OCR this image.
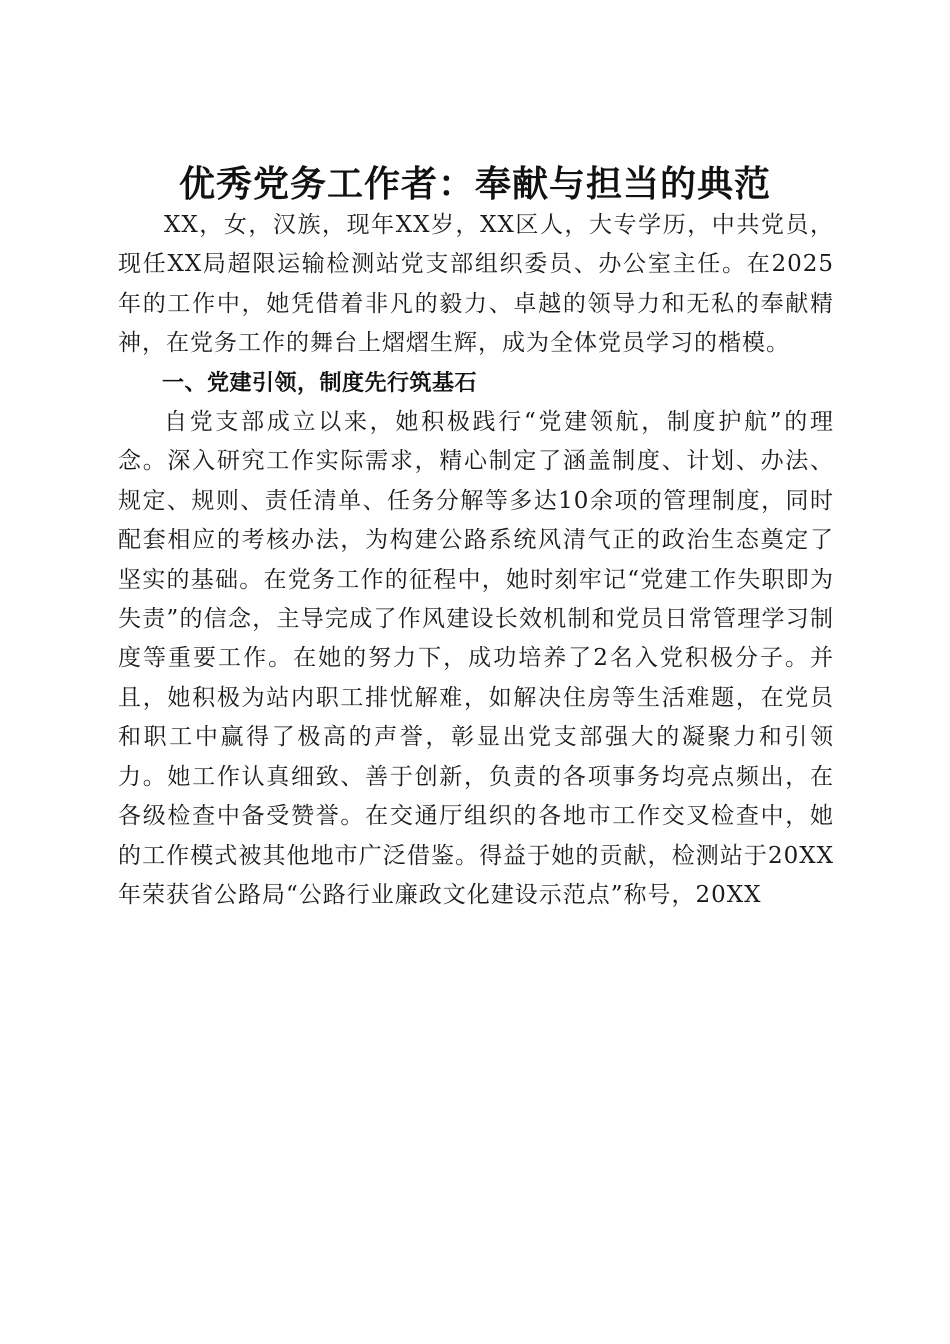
优秀党务工作者：奉献与担当的典范

XX，女，汉族，现年XX岁，XX区人，大专学历，中共党员，现任XX局超限运输检测站党支部组织委员、办公室主任。在2025年的工作中，她凭借着非凡的毅力、卓越的领导力和无私的奉献精神，在党务工作的舞台上熠熠生辉，成为全体党员学习的楷模。

一、党建引领，制度先行筑基石

自党支部成立以来，她积极践行“党建领航，制度护航”的理念。深入研究工作实际需求，精心制定了涵盖制度、计划、办法、规定、规则、责任清单、任务分解等多达10余项的管理制度，同时配套相应的考核办法，为构建公路系统风清气正的政治生态奠定了坚实的基础。在党务工作的征程中，她时刻牢记“党建工作失职即为失责”的信念，主导完成了作风建设长效机制和党员日常管理学习制度等重要工作。在她的努力下，成功培养了2名入党积极分子。并且，她积极为站内职工排忧解难，如解决住房等生活难题，在党员和职工中赢得了极高的声誉，彰显出党支部强大的凝聚力和引领力。她工作认真细致、善于创新，负责的各项事务均亮点频出，在各级检查中备受赞誉。在交通厅组织的各地市工作交叉检查中，她的工作模式被其他地市广泛借鉴。得益于她的贡献，检测站于20XX年荣获省公路局“公路行业廉政文化建设示范点”称号，20XX
